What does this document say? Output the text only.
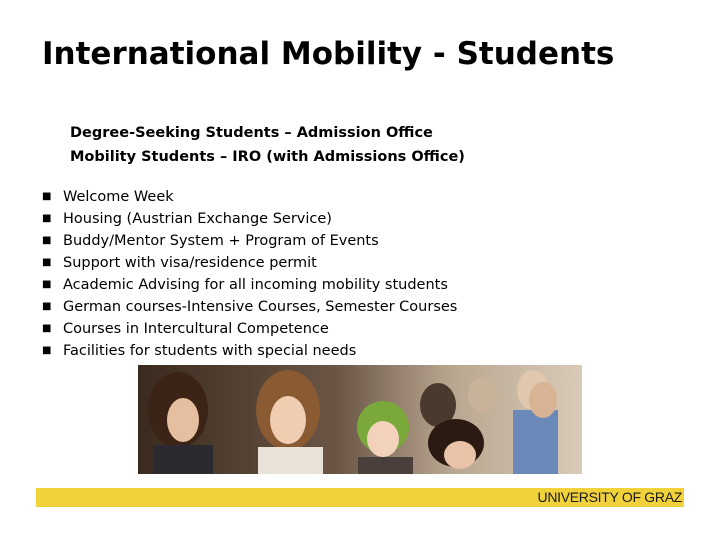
International Mobility - Students
Degree-Seeking Students – Admission Office
Mobility Students – IRO (with Admissions Office)
■ Welcome Week
■ Housing (Austrian Exchange Service)
■ Buddy/Mentor System + Program of Events
■ Support with visa/residence permit
■ Academic Advising for all incoming mobility students
■ German courses-Intensive Courses, Semester Courses
■ Courses in Intercultural Competence
■ Facilities for students with special needs
UNIVERSITY OF GRAZ
